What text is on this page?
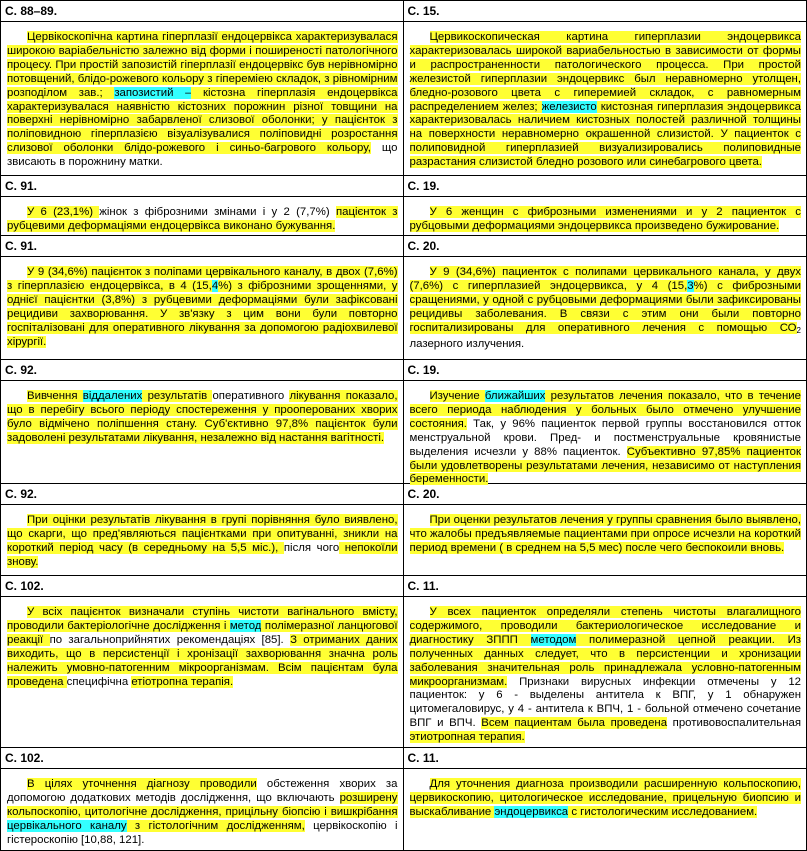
С. 88–89.

Цервікоскопічна картина гіперплазії ендоцервікса характеризувалася широкою варіабельністю залежно від форми і поширеності патологічного процесу. При простій запозистій гіперплазії ендоцервікс був нерівномірно потовщений, блідо-рожевого кольору з гіпереміею складок, з рівномірним розподілом зав.; запозистий – кістозна гіперплазія ендоцервікса характеризувалася наявністю кістозних порожнин різної товщини на поверхні нерівномірно забарвленої слизової оболонки; у пацієнток з поліповидною гіперплазією візуалізувалися поліповидні розростання слизової оболонки блідо-рожевого і синьо-багрового кольору, що звисають в порожнину матки.

С. 15.

Цервикоскопическая картина гиперплазии эндоцервикса характеризовалась широкой вариабельностью в зависимости от формы и распространенности патологического процесса. При простой железистой гиперплазии эндоцервикс был неравномерно утолщен, бледно-розового цвета с гиперемией складок, с равномерным распределением желез; железисто кистозная гиперплазия эндоцервикса характеризовалась наличием кистозных полостей различной толщины на поверхности неравномерно окрашенной слизистой. У пациенток с полиповидной гиперплазией визуализировались полиповидные разрастания слизистой бледно розового или синебагрового цвета.

С. 91.

У 6 (23,1%) жінок з фіброзними змінами і у 2 (7,7%) пацієнток з рубцевими деформаціями ендоцервікса виконано бужування.

С. 19.

У 6 женщин с фиброзными изменениями и у 2 пациенток с рубцовыми деформациями эндоцервикса произведено бужирование.

С. 91.

У 9 (34,6%) пацієнток з поліпами цервікального каналу, в двох (7,6%) з гіперплазією ендоцервікса, в 4 (15,4%) з фіброзними зрощеннями, у однієї пацієнтки (3,8%) з рубцевими деформаціями були зафіксовані рецидиви захворювання. У зв'язку з цим вони були повторно госпіталізовані для оперативного лікування за допомогою радіохвилевої хірургії.

С. 20.

У 9 (34,6%) пациенток с полипами цервикального канала, у двух (7,6%) с гиперплазией эндоцервикса, у 4 (15,3%) с фиброзными сращениями, у одной с рубцовыми деформациями были зафиксированы рецидивы заболевания. В связи с этим они были повторно госпитализированы для оперативного лечения с помощью $СО_2$ лазерного излучения.

С. 92.

Вивчення віддалених результатів оперативного лікування показало, що в перебігу всього періоду спостереження у прооперованих хворих було відмічено поліпшення стану. Суб'єктивно 97,8% пацієнток були задоволені результатами лікування, незалежно від настання вагітності.

С. 19.

Изучение ближайших результатов лечения показало, что в течение всего периода наблюдения у больных было отмечено улучшение состояния. Так, у 96% пациенток первой группы восстановился отток менструальной крови. Пред- и постменструальные кровянистые выделения исчезли у 88% пациенток. Субъективно 97,85% пациенток были удовлетворены результатами лечения, независимо от наступления беременности.

С. 92.

При оцінки результатів лікування в групі порівняння було виявлено, що скарги, що пред'являються пацієнтками при опитуванні, зникли на короткий період часу (в середньому на 5,5 міс.), після чого непокоїли знову.

С. 20.

При оценки результатов лечения у группы сравнения было выявлено, что жалобы предъявляемые пациентами при опросе исчезли на короткий период времени ( в среднем на 5,5 мес) после чего беспокоили вновь.

С. 102.

У всіх пацієнток визначали ступінь чистоти вагінального вмісту, проводили бактеріологічне дослідження і метод полімеразної ланцюгової реакції по загальноприйнятих рекомендаціях [85]. З отриманих даних виходить, що в персистенції і хронізації захворювання значна роль належить умовно-патогенним мікроорганізмам. Всім пацієнтам була проведена специфічна етіотропна терапія.

С. 11.

У всех пациенток определяли степень чистоты влагалищного содержимого, проводили бактериологическое исследование и диагностику ЗППП методом полимеразной цепной реакции. Из полученных данных следует, что в персистенции и хронизации заболевания значительная роль принадлежала условно-патогенным микроорганизмам. Признаки вирусных инфекции отмечены у 12 пациенток: у 6 - выделены антитела к ВПГ, у 1 обнаружен цитомегаловирус, у 4 - антитела к ВПЧ, 1 - больной отмечено сочетание ВПГ и ВПЧ. Всем пациентам была проведена противовоспалительная этиотропная терапия.

С. 102.

В цілях уточнення діагнозу проводили обстеження хворих за допомогою додаткових методів дослідження, що включають розширену кольпоскопію, цитологічне дослідження, прицільну біопсію і вишкрібання цервікального каналу з гістологічним дослідженням, цервікоскопію і гістероскопію [10,88, 121].

С. 11.

Для уточнения диагноза производили расширенную кольпоскопию, цервикоскопию, цитологическое исследование, прицельную биопсию и выскабливание эндоцервикса с гистологическим исследованием.
